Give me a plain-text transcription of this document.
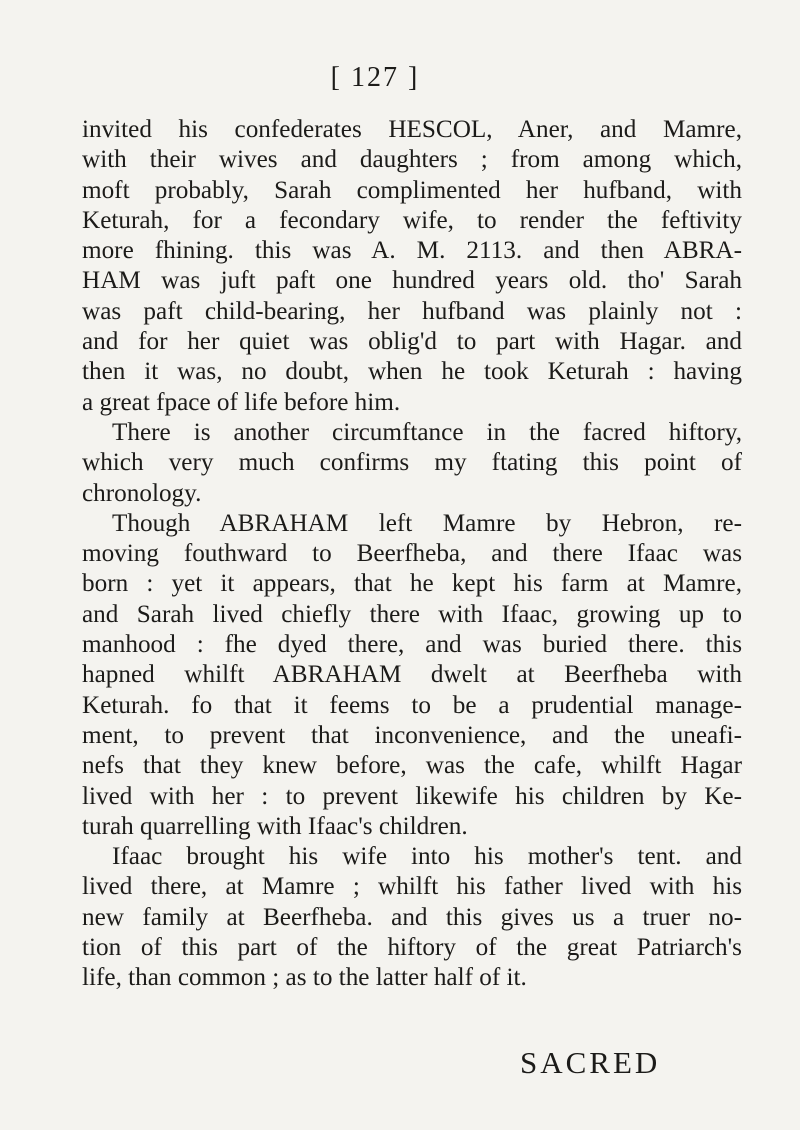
[ 127 ]

invited his confederates HESCOL, Aner, and Mamre,
with their wives and daughters ; from among which,
moft probably, Sarah complimented her hufband, with
Keturah, for a fecondary wife, to render the feftivity
more fhining. this was A. M. 2113. and then ABRA-
HAM was juft paft one hundred years old. tho' Sarah
was paft child-bearing, her hufband was plainly not :
and for her quiet was oblig'd to part with Hagar. and
then it was, no doubt, when he took Keturah : having
a great fpace of life before him.

There is another circumftance in the facred hiftory,
which very much confirms my ftating this point of
chronology.

Though ABRAHAM left Mamre by Hebron, re-
moving fouthward to Beerfheba, and there Ifaac was
born : yet it appears, that he kept his farm at Mamre,
and Sarah lived chiefly there with Ifaac, growing up to
manhood : fhe dyed there, and was buried there. this
hapned whilft ABRAHAM dwelt at Beerfheba with
Keturah. fo that it feems to be a prudential manage-
ment, to prevent that inconvenience, and the uneafi-
nefs that they knew before, was the cafe, whilft Hagar
lived with her : to prevent likewife his children by Ke-
turah quarrelling with Ifaac's children.

Ifaac brought his wife into his mother's tent. and
lived there, at Mamre ; whilft his father lived with his
new family at Beerfheba. and this gives us a truer no-
tion of this part of the hiftory of the great Patriarch's
life, than common ; as to the latter half of it.

SACRED
